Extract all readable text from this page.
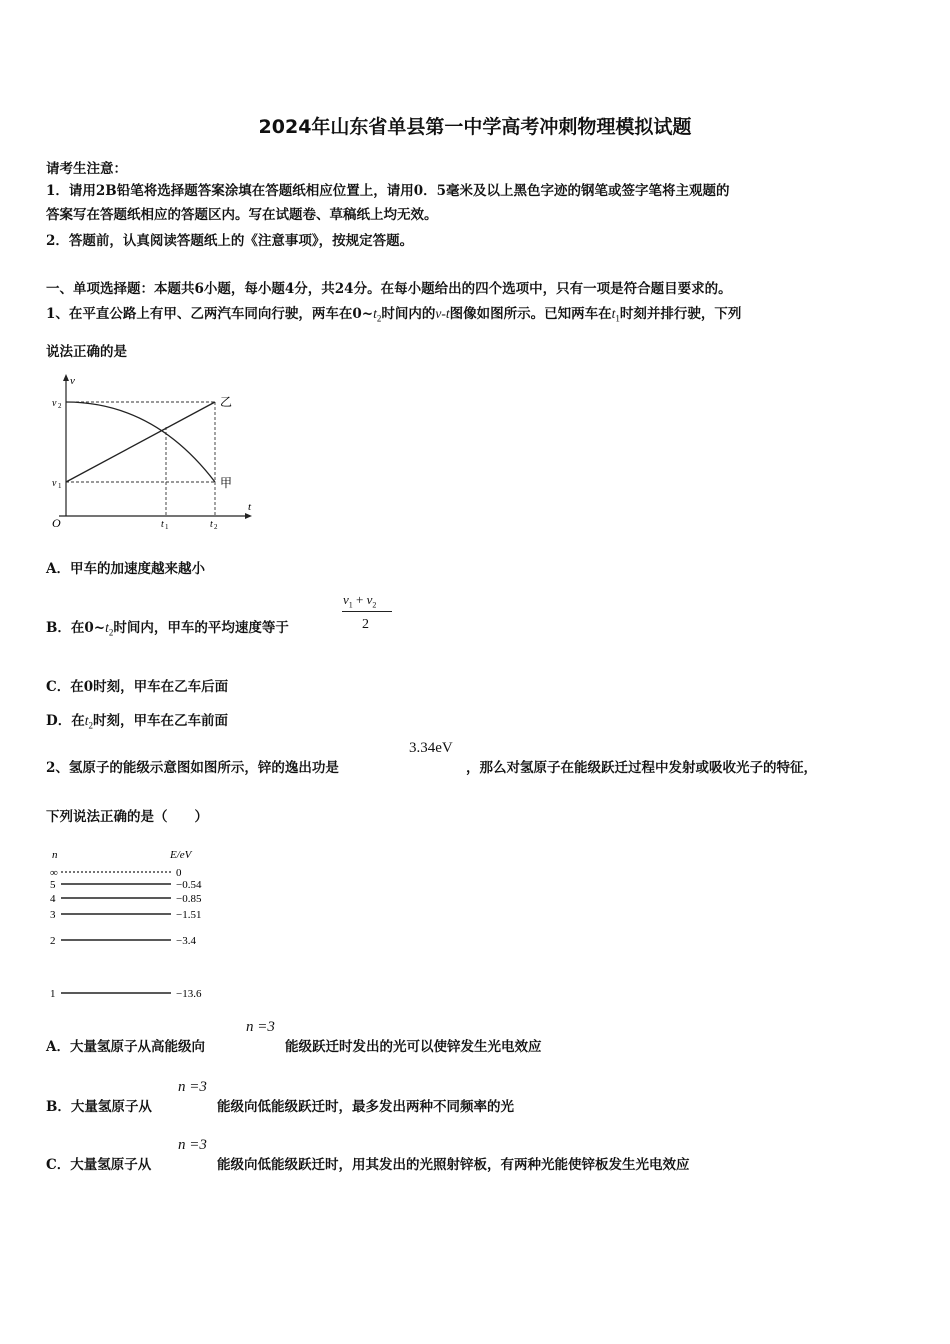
2024年山东省单县第一中学高考冲刺物理模拟试题
请考生注意：
1．请用2B铅笔将选择题答案涂填在答题纸相应位置上，请用0．5毫米及以上黑色字迹的钢笔或签字笔将主观题的
答案写在答题纸相应的答题区内。写在试题卷、草稿纸上均无效。
2．答题前，认真阅读答题纸上的《注意事项》，按规定答题。
一、单项选择题：本题共6小题，每小题4分，共24分。在每小题给出的四个选项中，只有一项是符合题目要求的。
1、在平直公路上有甲、乙两汽车同向行驶，两车在$0\sim t_2$时间内的v-t图像如图所示。已知两车在$t_1$时刻并排行驶，下列
说法正确的是
v
t
O
v 2
v 1
t 1	t 2
乙
甲
A．甲车的加速度越来越小
B．在$0\sim t_2$时间内，甲车的平均速度等于
$v_1 + v_2$
2
C．在0时刻，甲车在乙车后面
D．在$t_2$时刻，甲车在乙车前面
2、氢原子的能级示意图如图所示，锌的逸出功是
3.34eV
，那么对氢原子在能级跃迁过程中发射或吸收光子的特征，
下列说法正确的是（　　）
n	E/eV
∞	0
5	−0.54
4	−0.85
3	−1.51
2	−3.4
1	−13.6
A．大量氢原子从高能级向
n =3
能级跃迁时发出的光可以使锌发生光电效应
B．大量氢原子从
n =3
能级向低能级跃迁时，最多发出两种不同频率的光
C．大量氢原子从
n =3
能级向低能级跃迁时，用其发出的光照射锌板，有两种光能使锌板发生光电效应
